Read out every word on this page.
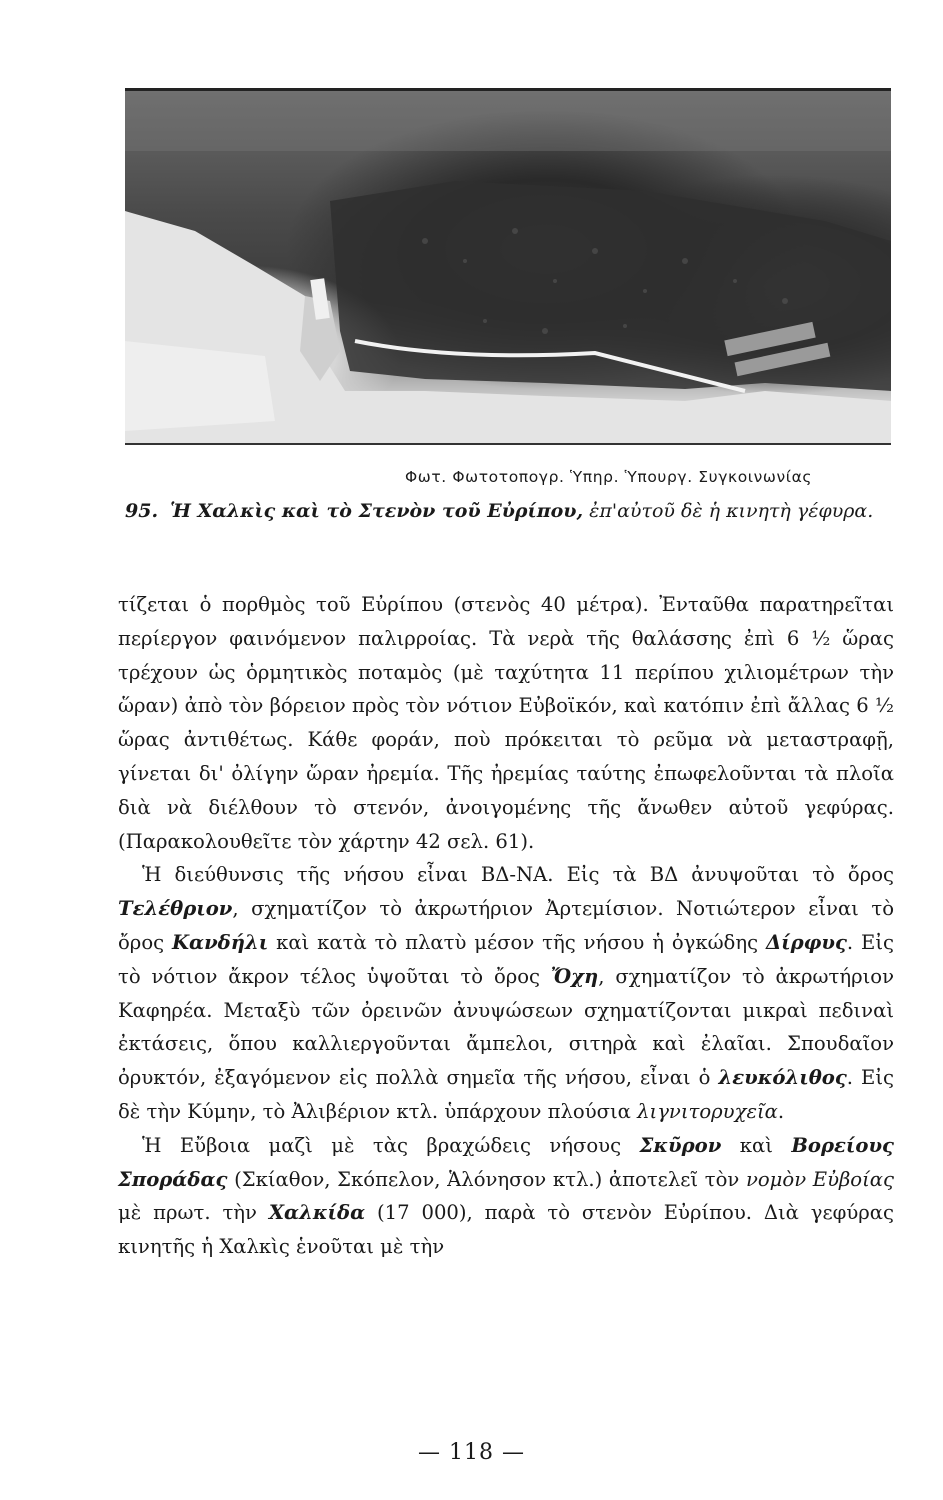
Φωτ. Φωτοτοπογρ. Ὑπηρ. Ὑπουργ. Συγκοινωνίας
95. Ἡ Χαλκὶς καὶ τὸ Στενὸν τοῦ Εὐρίπου, ἐπ'αὐτοῦ δὲ ἡ κινητὴ γέφυρα.

τίζεται ὁ πορθμὸς τοῦ Εὐρίπου (στενὸς 40 μέτρα). Ἐνταῦθα παρατηρεῖται περίεργον φαινόμενον παλιρροίας. Τὰ νερὰ τῆς θαλάσσης ἐπὶ 6 ½ ὥρας τρέχουν ὡς ὁρμητικὸς ποταμὸς (μὲ ταχύτητα 11 περίπου χιλιομέτρων τὴν ὥραν) ἀπὸ τὸν βόρειον πρὸς τὸν νότιον Εὐβοϊκόν, καὶ κατόπιν ἐπὶ ἄλλας 6 ½ ὥρας ἀντιθέτως. Κάθε φοράν, ποὺ πρόκειται τὸ ρεῦμα νὰ μεταστραφῇ, γίνεται δι' ὀλίγην ὥραν ἠρεμία. Τῆς ἠρεμίας ταύτης ἐπωφελοῦνται τὰ πλοῖα διὰ νὰ διέλθουν τὸ στενόν, ἀνοιγομένης τῆς ἄνωθεν αὐτοῦ γεφύρας. (Παρακολουθεῖτε τὸν χάρτην 42 σελ. 61).

Ἡ διεύθυνσις τῆς νήσου εἶναι ΒΔ-ΝΑ. Εἰς τὰ ΒΔ ἀνυψοῦται τὸ ὄρος Τελέθριον, σχηματίζον τὸ ἀκρωτήριον Ἀρτεμίσιον. Νοτιώτερον εἶναι τὸ ὄρος Κανδήλι καὶ κατὰ τὸ πλατὺ μέσον τῆς νήσου ἡ ὀγκώδης Δίρφυς. Εἰς τὸ νότιον ἄκρον τέλος ὑψοῦται τὸ ὄρος Ὄχη, σχηματίζον τὸ ἀκρωτήριον Καφηρέα. Μεταξὺ τῶν ὀρεινῶν ἀνυψώσεων σχηματίζονται μικραὶ πεδιναὶ ἐκτάσεις, ὅπου καλλιεργοῦνται ἄμπελοι, σιτηρὰ καὶ ἐλαῖαι. Σπουδαῖον ὀρυκτόν, ἐξαγόμενον εἰς πολλὰ σημεῖα τῆς νήσου, εἶναι ὁ λευκόλιθος. Εἰς δὲ τὴν Κύμην, τὸ Ἀλιβέριον κτλ. ὑπάρχουν πλούσια λιγνιτορυχεῖα.

Ἡ Εὔβοια μαζὶ μὲ τὰς βραχώδεις νήσους Σκῦρον καὶ Βορείους Σποράδας (Σκίαθον, Σκόπελον, Ἁλόνησον κτλ.) ἀποτελεῖ τὸν νομὸν Εὐβοίας μὲ πρωτ. τὴν Χαλκίδα (17 000), παρὰ τὸ στενὸν Εὐρίπου. Διὰ γεφύρας κινητῆς ἡ Χαλκὶς ἑνοῦται μὲ τὴν

— 118 —
